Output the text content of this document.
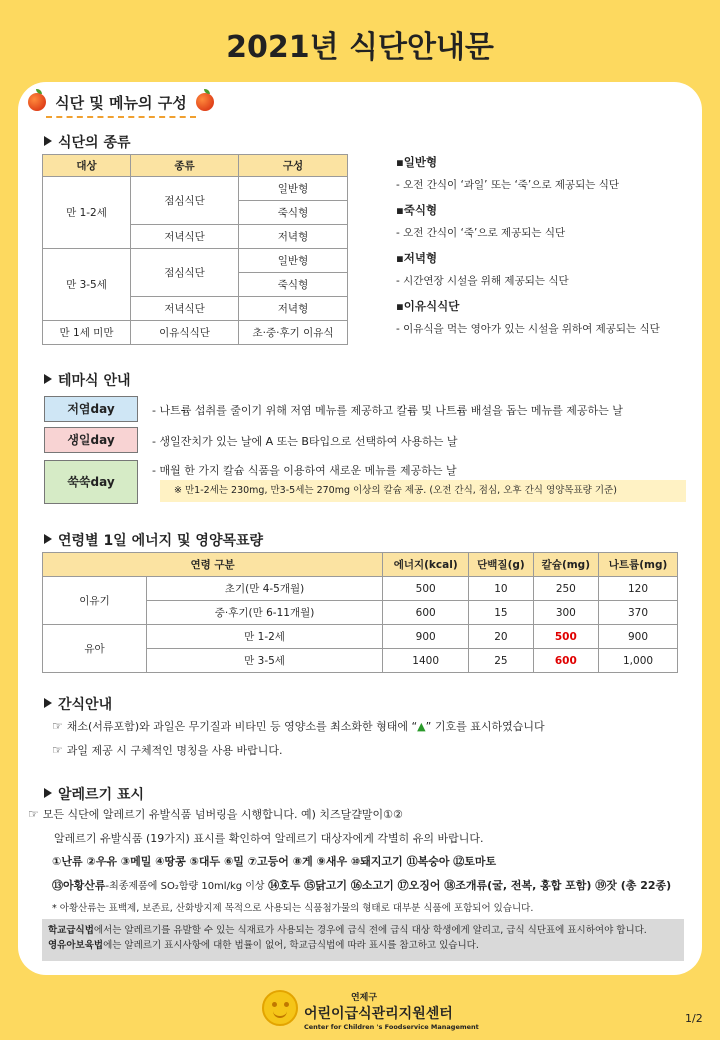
2021년 식단안내문
식단 및 메뉴의 구성
식단의 종류
대상	종류	구성
만 1-2세	점심식단	일반형
		죽식형
	저녁식단	저녁형
만 3-5세	점심식단	일반형
		죽식형
	저녁식단	저녁형
만 1세 미만	이유식식단	초·중·후기 이유식
▪일반형
- 오전 간식이 ‘과일’ 또는 ‘죽’으로 제공되는 식단
▪죽식형
- 오전 간식이 ‘죽’으로 제공되는 식단
▪저녁형
- 시간연장 시설을 위해 제공되는 식단
▪이유식식단
- 이유식을 먹는 영아가 있는 시설을 위하여 제공되는 식단
테마식 안내
저염day	- 나트륨 섭취를 줄이기 위해 저염 메뉴를 제공하고 칼륨 및 나트륨 배설을 돕는 메뉴를 제공하는 날
생일day	- 생일잔치가 있는 날에 A 또는 B타입으로 선택하여 사용하는 날
쑥쑥day
- 매월 한 가지 칼슘 식품을 이용하여 새로운 메뉴를 제공하는 날
※ 만1-2세는 230mg, 만3-5세는 270mg 이상의 칼슘 제공. (오전 간식, 점심, 오후 간식 영양목표량 기준)
연령별 1일 에너지 및 영양목표량
연령 구분		에너지(kcal)	단백질(g)	칼슘(mg)	나트륨(mg)
이유기	초기(만 4-5개월)	500	10	250	120
	중·후기(만 6-11개월)	600	15	300	370
유아	만 1-2세	900	20	500	900
	만 3-5세	1400	25	600	1,000
간식안내
☞ 채소(서류포함)와 과일은 무기질과 비타민 등 영양소를 최소화한 형태에 “▲” 기호를 표시하였습니다
☞ 과일 제공 시 구체적인 명칭을 사용 바랍니다.
알레르기 표시
☞ 모든 식단에 알레르기 유발식품 넘버링을 시행합니다. 예) 치즈달걀말이①②
알레르기 유발식품 (19가지) 표시를 확인하여 알레르기 대상자에게 각별히 유의 바랍니다.
①난류 ②우유 ③메밀 ④땅콩 ⑤대두 ⑥밀 ⑦고등어 ⑧게 ⑨새우 ⑩돼지고기 ⑪복숭아 ⑫토마토
⑬아황산류-최종제품에 SO₂함량 10ml/kg 이상 ⑭호두 ⑮닭고기 ⑯소고기 ⑰오징어 ⑱조개류(굴, 전복, 홍합 포함) ⑲잣 (총 22종)
* 아황산류는 표백제, 보존료, 산화방지제 목적으로 사용되는 식품첨가물의 형태로 대부분 식품에 포함되어 있습니다.
학교급식법에서는 알레르기를 유발할 수 있는 식재료가 사용되는 경우에 급식 전에 급식 대상 학생에게 알리고, 급식 식단표에 표시하여야 합니다.
영유아보육법에는 알레르기 표시사항에 대한 법률이 없어, 학교급식법에 따라 표시를 참고하고 있습니다.
연제구
어린이급식관리지원센터
Center for Children 's Foodservice Management
1/2
